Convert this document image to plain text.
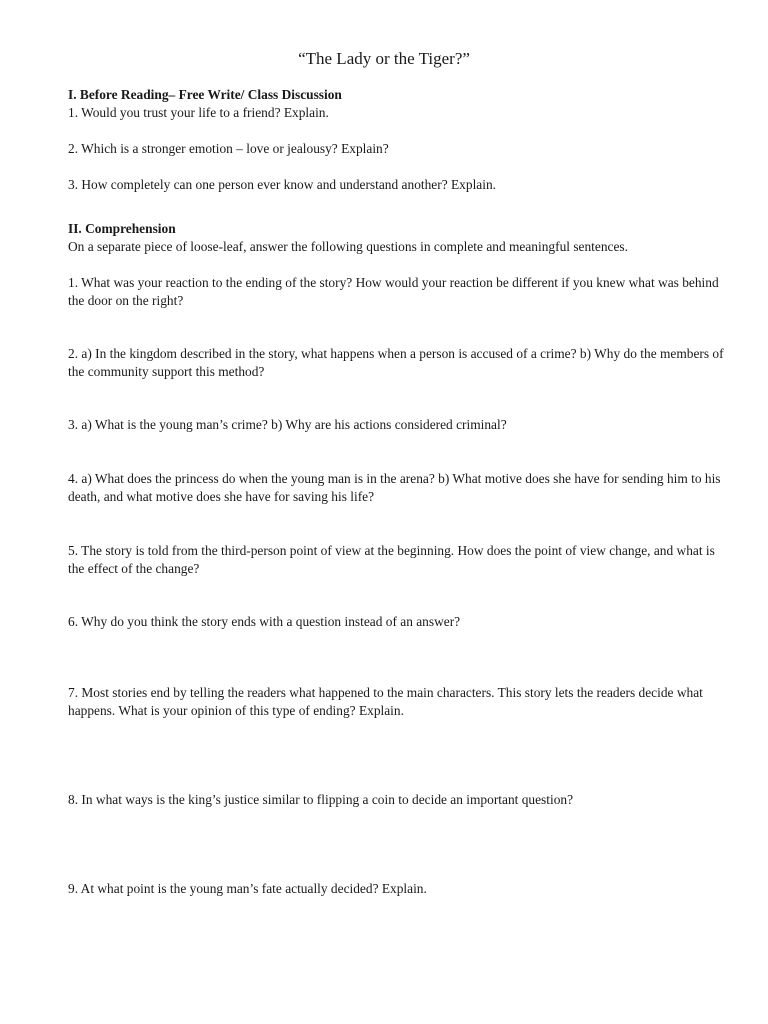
“The Lady or the Tiger?”
I. Before Reading– Free Write/ Class Discussion
1. Would you trust your life to a friend? Explain.
2. Which is a stronger emotion – love or jealousy? Explain?
3. How completely can one person ever know and understand another? Explain.
II. Comprehension
On a separate piece of loose-leaf, answer the following questions in complete and meaningful sentences.
1. What was your reaction to the ending of the story? How would your reaction be different if you knew what was behind the door on the right?
2. a) In the kingdom described in the story, what happens when a person is accused of a crime? b) Why do the members of the community support this method?
3. a) What is the young man’s crime? b) Why are his actions considered criminal?
4. a) What does the princess do when the young man is in the arena? b) What motive does she have for sending him to his death, and what motive does she have for saving his life?
5. The story is told from the third-person point of view at the beginning. How does the point of view change, and what is the effect of the change?
6. Why do you think the story ends with a question instead of an answer?
7. Most stories end by telling the readers what happened to the main characters. This story lets the readers decide what happens. What is your opinion of this type of ending? Explain.
8. In what ways is the king’s justice similar to flipping a coin to decide an important question?
9. At what point is the young man’s fate actually decided? Explain.
